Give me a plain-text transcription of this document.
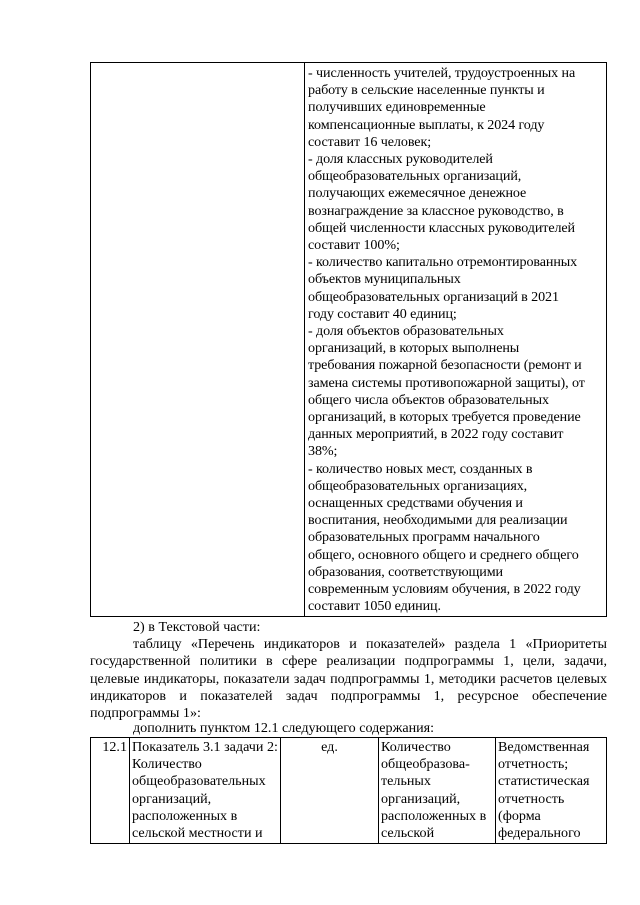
- численность учителей, трудоустроенных на
работу в сельские населенные пункты и
получивших единовременные
компенсационные выплаты, к 2024 году
составит 16 человек;
- доля классных руководителей
общеобразовательных организаций,
получающих ежемесячное денежное
вознаграждение за классное руководство, в
общей численности классных руководителей
составит 100%;
- количество капитально отремонтированных
объектов муниципальных
общеобразовательных организаций в 2021
году составит 40 единиц;
- доля объектов образовательных
организаций, в которых выполнены
требования пожарной безопасности (ремонт и
замена системы противопожарной защиты), от
общего числа объектов образовательных
организаций, в которых требуется проведение
данных мероприятий, в 2022 году составит
38%;
- количество новых мест, созданных в
общеобразовательных организациях,
оснащенных средствами обучения и
воспитания, необходимыми для реализации
образовательных программ начального
общего, основного общего и среднего общего
образования, соответствующими
современным условиям обучения, в 2022 году
составит 1050 единиц.
2) в Текстовой части:
таблицу «Перечень индикаторов и показателей» раздела 1 «Приоритеты государственной политики в сфере реализации подпрограммы 1, цели, задачи, целевые индикаторы, показатели задач подпрограммы 1, методики расчетов целевых индикаторов и показателей задач подпрограммы 1, ресурсное обеспечение подпрограммы 1»:
дополнить пунктом 12.1 следующего содержания:
12.1	Показатель 3.1 задачи 2:
Количество
общеобразовательных
организаций,
расположенных в
сельской местности и	ед.	Количество
общеобразова-
тельных
организаций,
расположенных в
сельской	Ведомственная
отчетность;
статистическая
отчетность
(форма
федерального
